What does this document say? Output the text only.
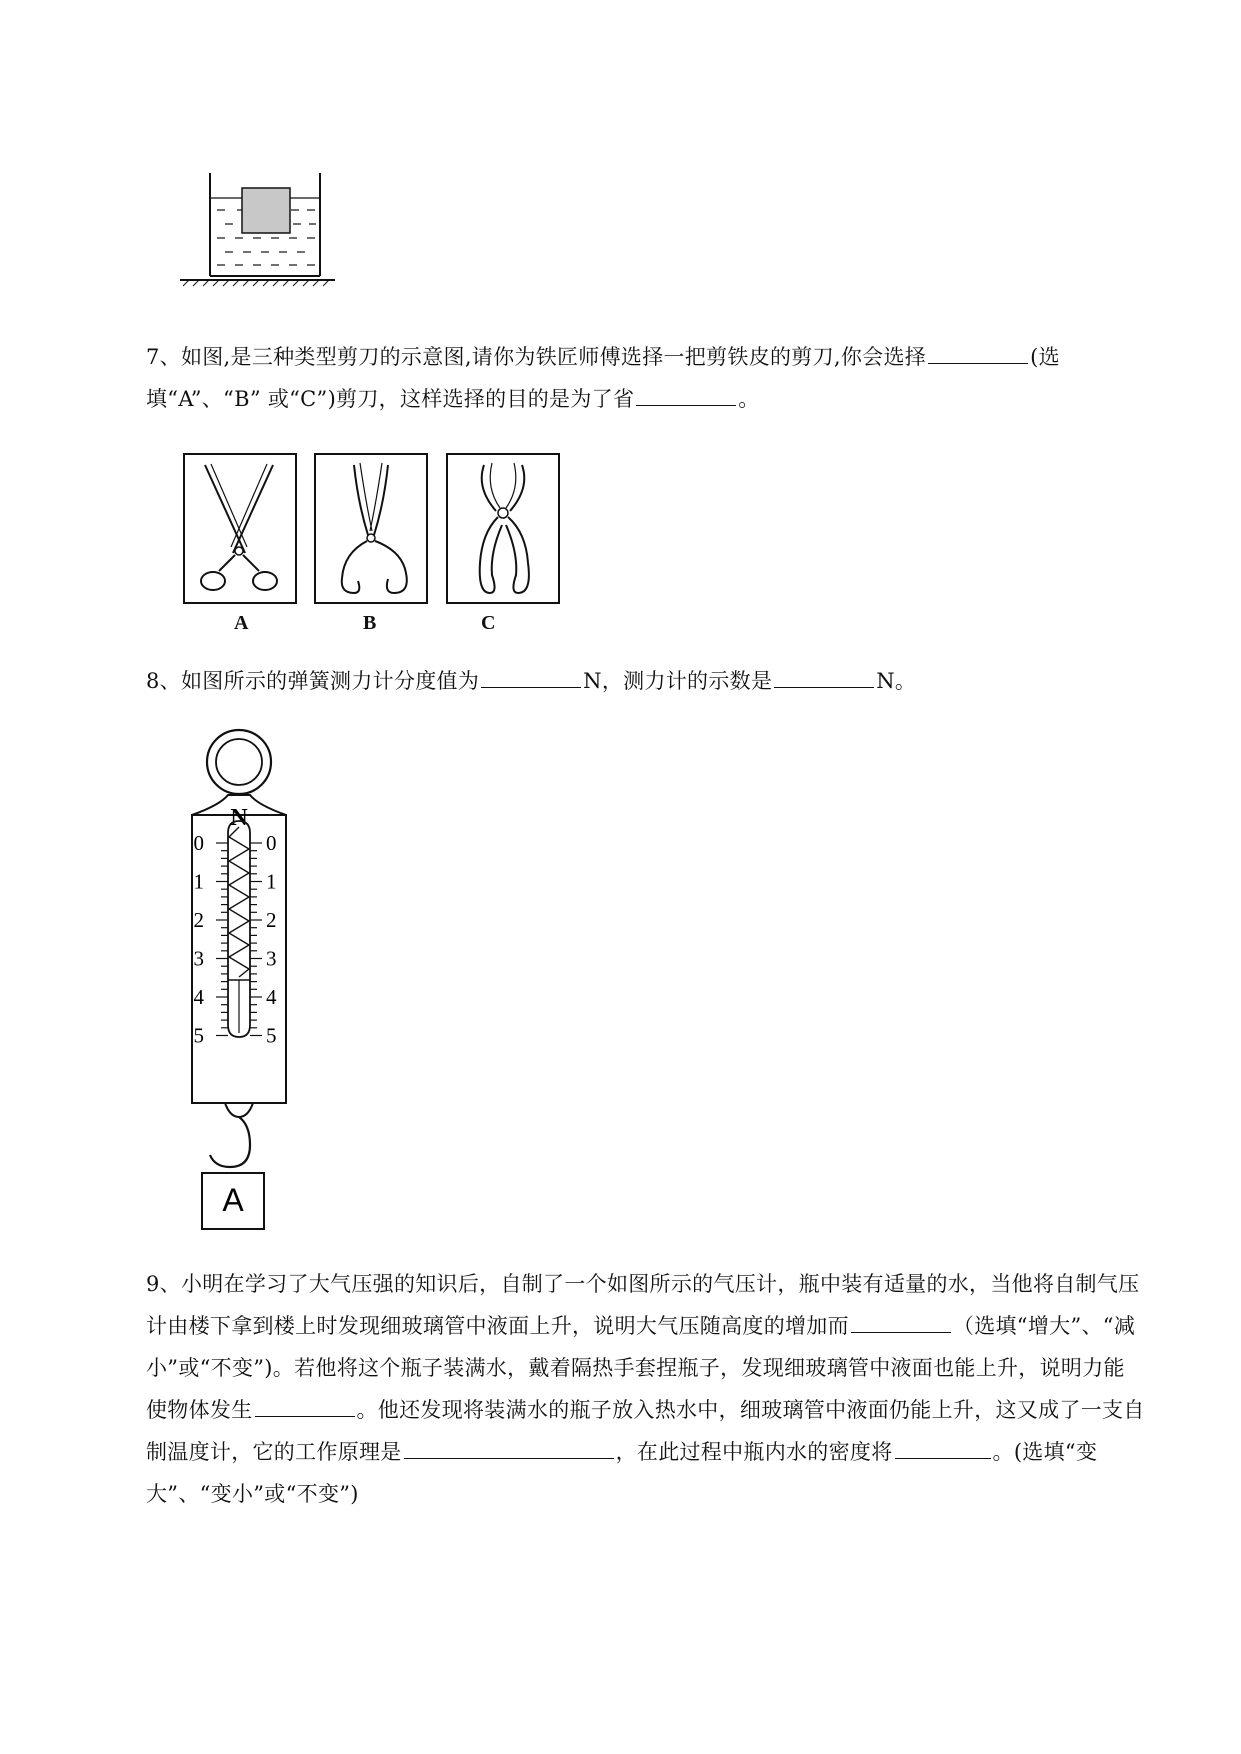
7、如图,是三种类型剪刀的示意图,请你为铁匠师傅选择一把剪铁皮的剪刀,你会选择	(选填“A”、“B” 或“C”)剪刀，这样选择的目的是为了省	。
A	B	C
8、如图所示的弹簧测力计分度值为	N，测力计的示数是	N。
N
0	0
1	1
2	2
3	3
4	4
5	5
A
9、小明在学习了大气压强的知识后，自制了一个如图所示的气压计，瓶中装有适量的水，当他将自制气压计由楼下拿到楼上时发现细玻璃管中液面上升，说明大气压随高度的增加而	（选填“增大”、“减小”或“不变”)。若他将这个瓶子装满水，戴着隔热手套捏瓶子，发现细玻璃管中液面也能上升，说明力能使物体发生	。他还发现将装满水的瓶子放入热水中，细玻璃管中液面仍能上升，这又成了一支自制温度计，它的工作原理是	，在此过程中瓶内水的密度将	。(选填“变大”、“变小”或“不变”)
